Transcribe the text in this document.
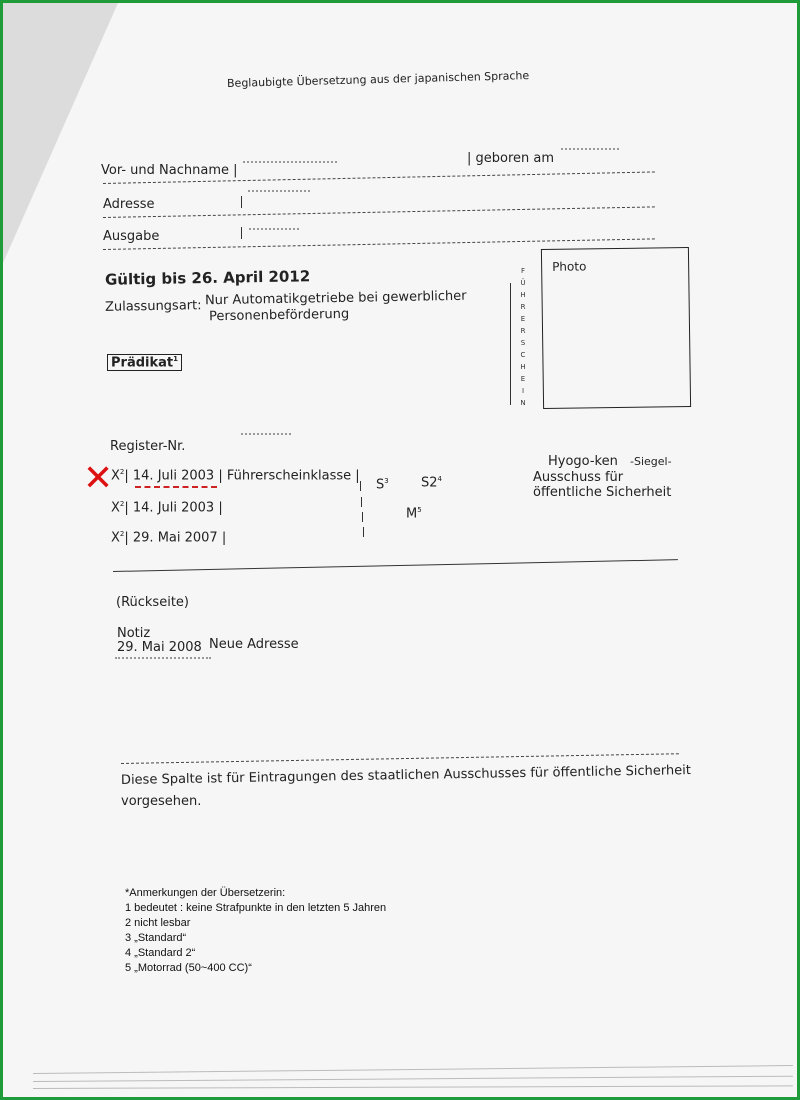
Beglaubigte Übersetzung aus der japanischen Sprache
Vor- und Nachname |
| geboren am
Adresse
Ausgabe
Gültig bis 26. April 2012
Zulassungsart: Nur Automatikgetriebe bei gewerblicher
Personenbeförderung
Prädikat$^1$
F
Ü
H
R
E
R
S
C
H
E
I
N
Photo
Register-Nr.
✕
$X^2|$ 14. Juli 2003 | Führerscheinklasse |
$X^2|$ 14. Juli 2003 |
$X^2|$ 29. Mai 2007 |
$S^3$ $S2^4$
$M^5$
Hyogo-ken -Siegel-
Ausschuss für
öffentliche Sicherheit
(Rückseite)
Notiz
29. Mai 2008 Neue Adresse
Diese Spalte ist für Eintragungen des staatlichen Ausschusses für öffentliche Sicherheit
vorgesehen.
*Anmerkungen der Übersetzerin:
1 bedeutet : keine Strafpunkte in den letzten 5 Jahren
2 nicht lesbar
3 „Standard“
4 „Standard 2“
5 „Motorrad (50~400 CC)“
